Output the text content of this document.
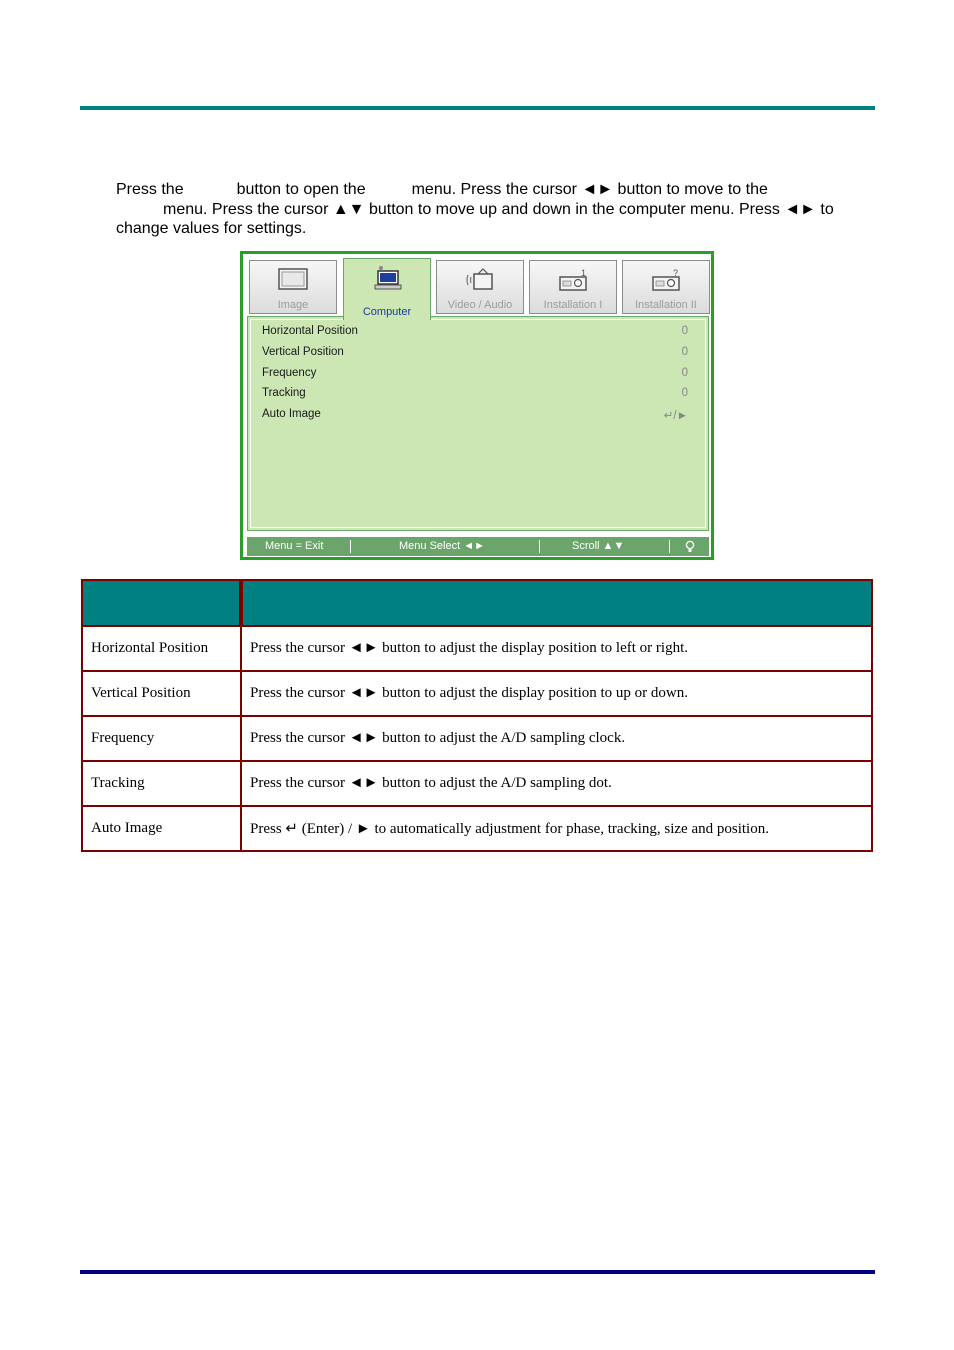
Press the	button to open the	menu. Press the cursor ◄► button to move to the

menu. Press the cursor ▲▼ button to move up and down in the computer menu. Press ◄► to

change values for settings.

Image
Computer
Video / Audio
1
Installation I
?
Installation II
Horizontal Position	0
Vertical Position	0
Frequency	0
Tracking	0
Auto Image	↵/►
Menu = Exit	Menu Select ◄►	Scroll ▲▼

Horizontal Position	Press the cursor ◄► button to adjust the display position to left or right.
Vertical Position	Press the cursor ◄► button to adjust the display position to up or down.
Frequency	Press the cursor ◄► button to adjust the A/D sampling clock.
Tracking	Press the cursor ◄► button to adjust the A/D sampling dot.
Auto Image	Press ↵ (Enter) / ► to automatically adjustment for phase, tracking, size and position.
